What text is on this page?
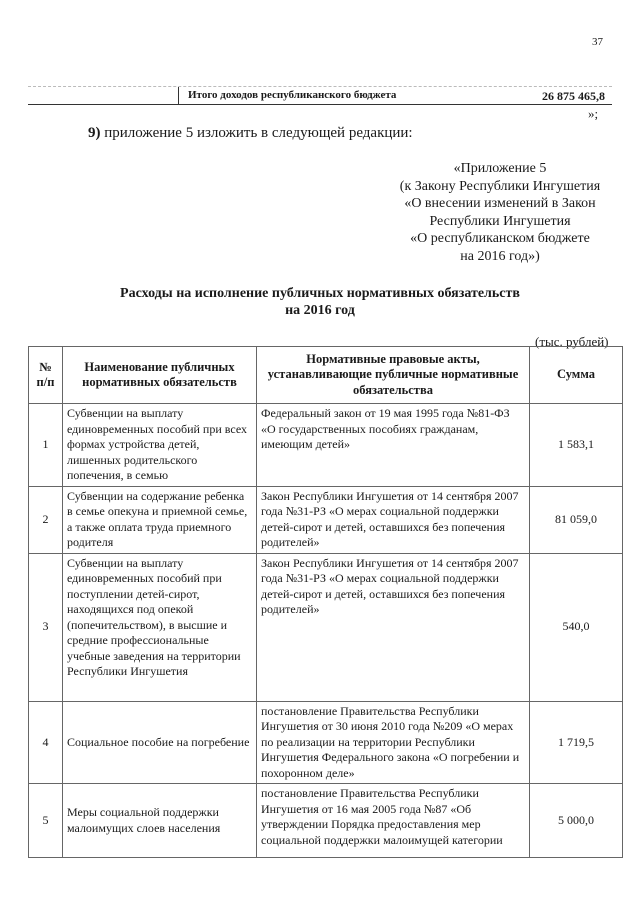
37
Итого доходов республиканского бюджета	26 875 465,8
»;
9) приложение 5 изложить в следующей редакции:
«Приложение 5
(к Закону Республики Ингушетия
«О внесении изменений в Закон
Республики Ингушетия
«О республиканском бюджете
на 2016 год»)
Расходы на исполнение публичных нормативных обязательств
на 2016 год
(тыс. рублей)
№ п/п	Наименование публичных нормативных обязательств	Нормативные правовые акты, устанавливающие публичные нормативные обязательства	Сумма
1	Субвенции на выплату единовременных пособий при всех формах устройства детей, лишенных родительского попечения, в семью	Федеральный закон от 19 мая 1995 года №81-ФЗ «О государственных пособиях гражданам, имеющим детей»	1 583,1
2	Субвенции на содержание ребенка в семье опекуна и приемной семье, а также оплата труда приемного родителя	Закон Республики Ингушетия от 14 сентября 2007 года №31-РЗ «О мерах социальной поддержки детей-сирот и детей, оставшихся без попечения родителей»	81 059,0
3	Субвенции на выплату единовременных пособий при поступлении детей-сирот, находящихся под опекой (попечительством), в высшие и средние профессиональные учебные заведения на территории Республики Ингушетия	Закон Республики Ингушетия от 14 сентября 2007 года №31-РЗ «О мерах социальной поддержки детей-сирот и детей, оставшихся без попечения родителей»	540,0
4	Социальное пособие на погребение	постановление Правительства Республики Ингушетия от 30 июня 2010 года №209 «О мерах по реализации на территории Республики Ингушетия Федерального закона «О погребении и похоронном деле»	1 719,5
5	Меры социальной поддержки малоимущих слоев населения	постановление Правительства Республики Ингушетия от 16 мая 2005 года №87 «Об утверждении Порядка предоставления мер социальной поддержки малоимущей категории	5 000,0
